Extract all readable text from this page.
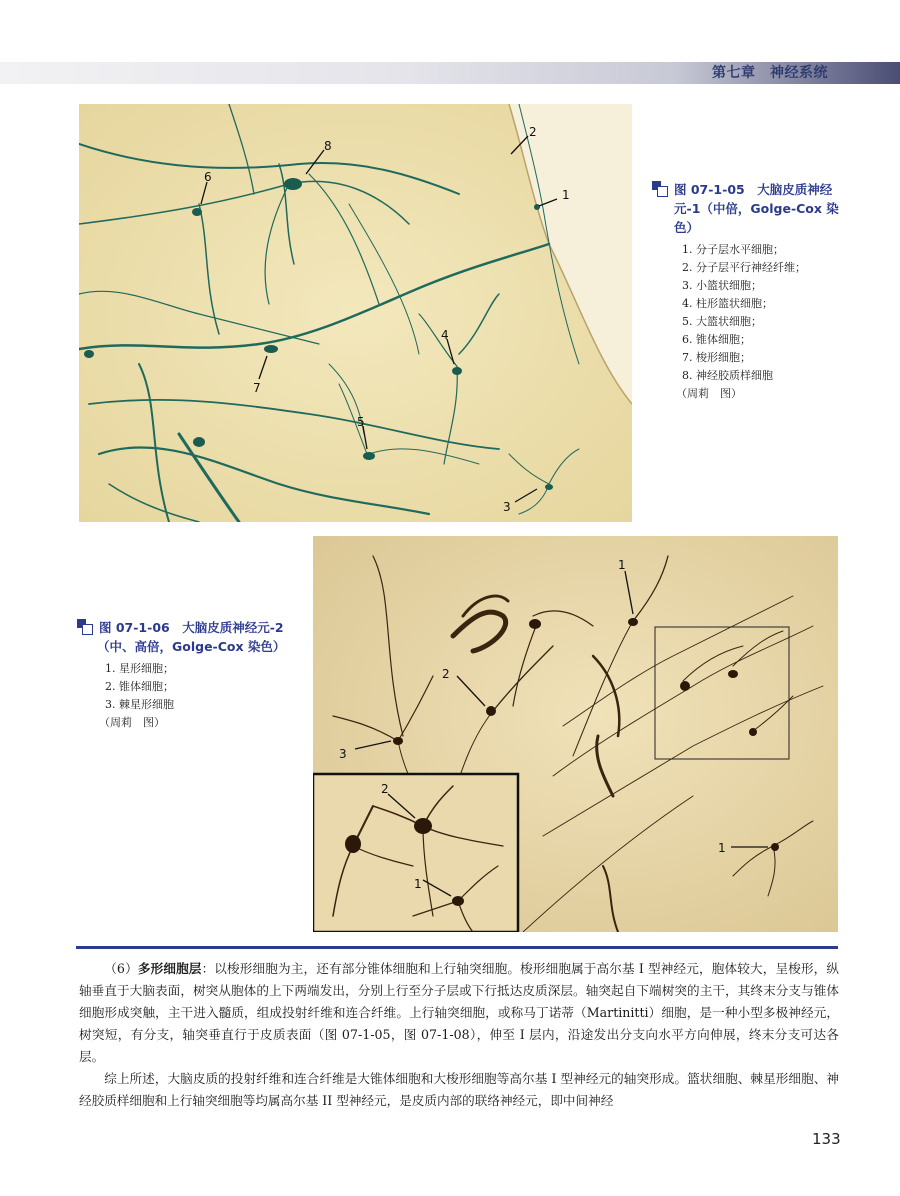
第七章　神经系统
1
2
3
4
5
6
7
8
图 07-1-05　大脑皮质神经
元-1（中倍，Golge-Cox 染
色）
1. 分子层水平细胞；
2. 分子层平行神经纤维；
3. 小篮状细胞；
4. 柱形篮状细胞；
5. 大篮状细胞；
6. 锥体细胞；
7. 梭形细胞；
8. 神经胶质样细胞
（周莉　图）
1
2
3
2
1
1
图 07-1-06　大脑皮质神经元-2
（中、高倍，Golge-Cox 染色）
1. 星形细胞；
2. 锥体细胞；
3. 棘星形细胞
（周莉　图）

（6）多形细胞层：以梭形细胞为主，还有部分锥体细胞和上行轴突细胞。梭形细胞属于高尔基 I 型神经元，胞体较大，呈梭形，纵轴垂直于大脑表面，树突从胞体的上下两端发出，分别上行至分子层或下行抵达皮质深层。轴突起自下端树突的主干，其终末分支与锥体细胞形成突触，主干进入髓质，组成投射纤维和连合纤维。上行轴突细胞，或称马丁诺蒂（Martinitti）细胞，是一种小型多极神经元，树突短，有分支，轴突垂直行于皮质表面（图 07-1-05，图 07-1-08），伸至 I 层内，沿途发出分支向水平方向伸展，终末分支可达各层。

综上所述，大脑皮质的投射纤维和连合纤维是大锥体细胞和大梭形细胞等高尔基 I 型神经元的轴突形成。篮状细胞、棘星形细胞、神经胶质样细胞和上行轴突细胞等均属高尔基 II 型神经元，是皮质内部的联络神经元，即中间神经

133
